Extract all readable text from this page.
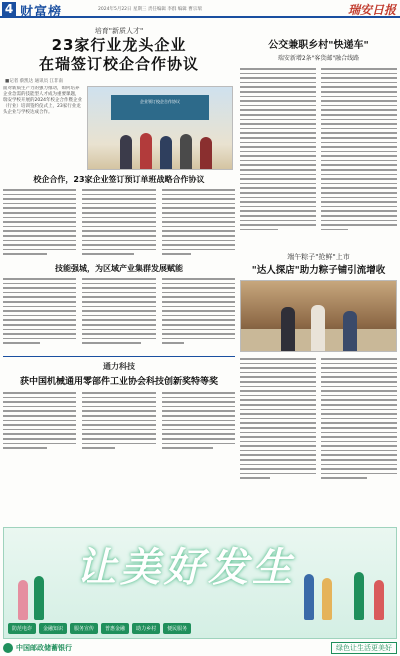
4 财富榜	2024年5月22日 星期三 责任编辑 李群 编辑 曹宗瑞	瑞安日报
培育"新质人才"
23家行业龙头企业
在瑞签订校企合作协议
■记者 蔡凯达 通讯员 江非南
面对新质生产力的强力推动，如何培养企业急需的技能型人才成为重要课题，瑞安学校开展的2024年校企合作暨企业（行业）培训签约仪式上，23家行业龙头企业与学校达成合作。
企业领订校企合作协议
校企合作，23家企业签订预订单班战略合作协议
技能强城，为区域产业集群发展赋能
通力科技
获中国机械通用零部件工业协会科技创新奖特等奖
公交兼职乡村"快递车"
瑞安新增2条"客货邮"融合线路
端午粽子"抢鲜"上市
"达人探店"助力粽子铺引流增收
让美好发生
防范电诈	金融知识	服务宣传	普惠金融	助力乡村	便民服务
中国邮政储蓄银行	绿色让生活更美好
